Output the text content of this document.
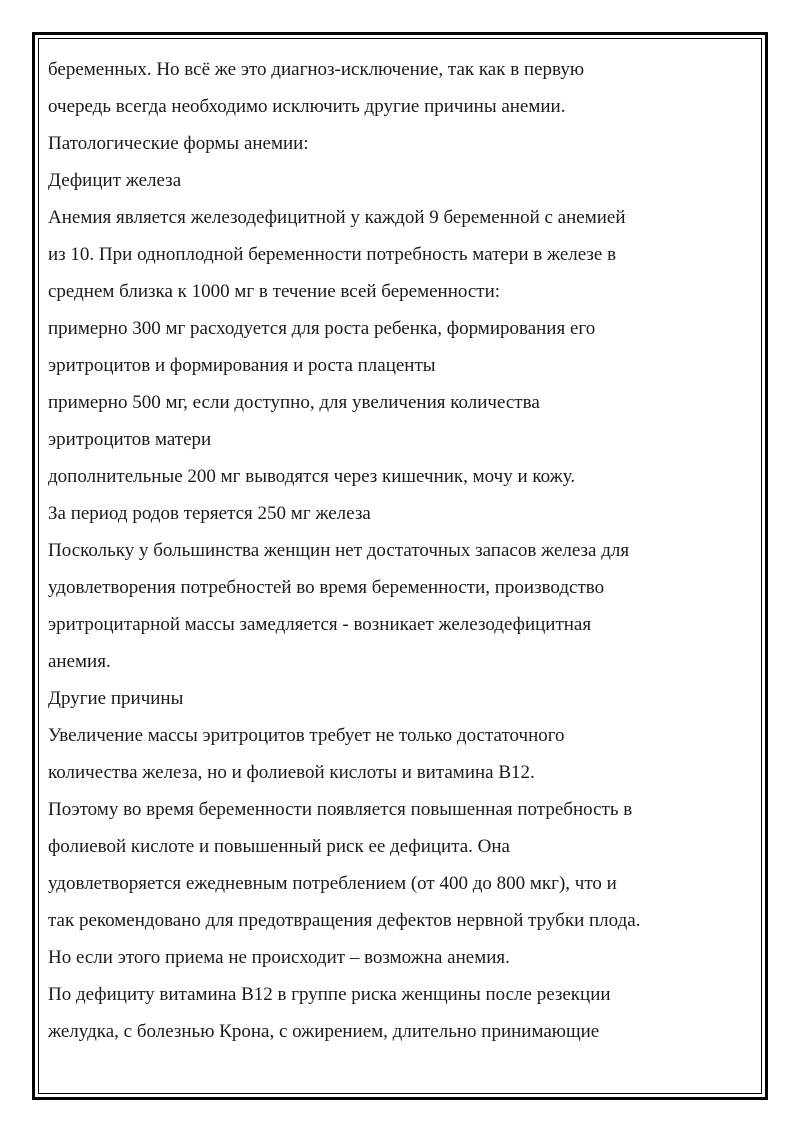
беременных. Но всё же это диагноз-исключение, так как в первую
очередь всегда необходимо исключить другие причины анемии.
Патологические формы анемии:
Дефицит железа
Анемия является железодефицитной у каждой 9 беременной с анемией
из 10. При одноплодной беременности потребность матери в железе в
среднем близка к 1000 мг в течение всей беременности:
примерно 300 мг расходуется для роста ребенка, формирования его
эритроцитов и формирования и роста плаценты
примерно 500 мг, если доступно, для увеличения количества
эритроцитов матери
дополнительные 200 мг выводятся через кишечник, мочу и кожу.
За период родов теряется 250 мг железа
Поскольку у большинства женщин нет достаточных запасов железа для
удовлетворения потребностей во время беременности, производство
эритроцитарной массы замедляется - возникает железодефицитная
анемия.
Другие причины
Увеличение массы эритроцитов требует не только достаточного
количества железа, но и фолиевой кислоты и витамина В12.
Поэтому во время беременности появляется повышенная потребность в
фолиевой кислоте и повышенный риск ее дефицита. Она
удовлетворяется ежедневным потреблением (от 400 до 800 мкг), что и
так рекомендовано для предотвращения дефектов нервной трубки плода.
Но если этого приема не происходит – возможна анемия.
По дефициту витамина В12 в группе риска женщины после резекции
желудка, с болезнью Крона, с ожирением, длительно принимающие
